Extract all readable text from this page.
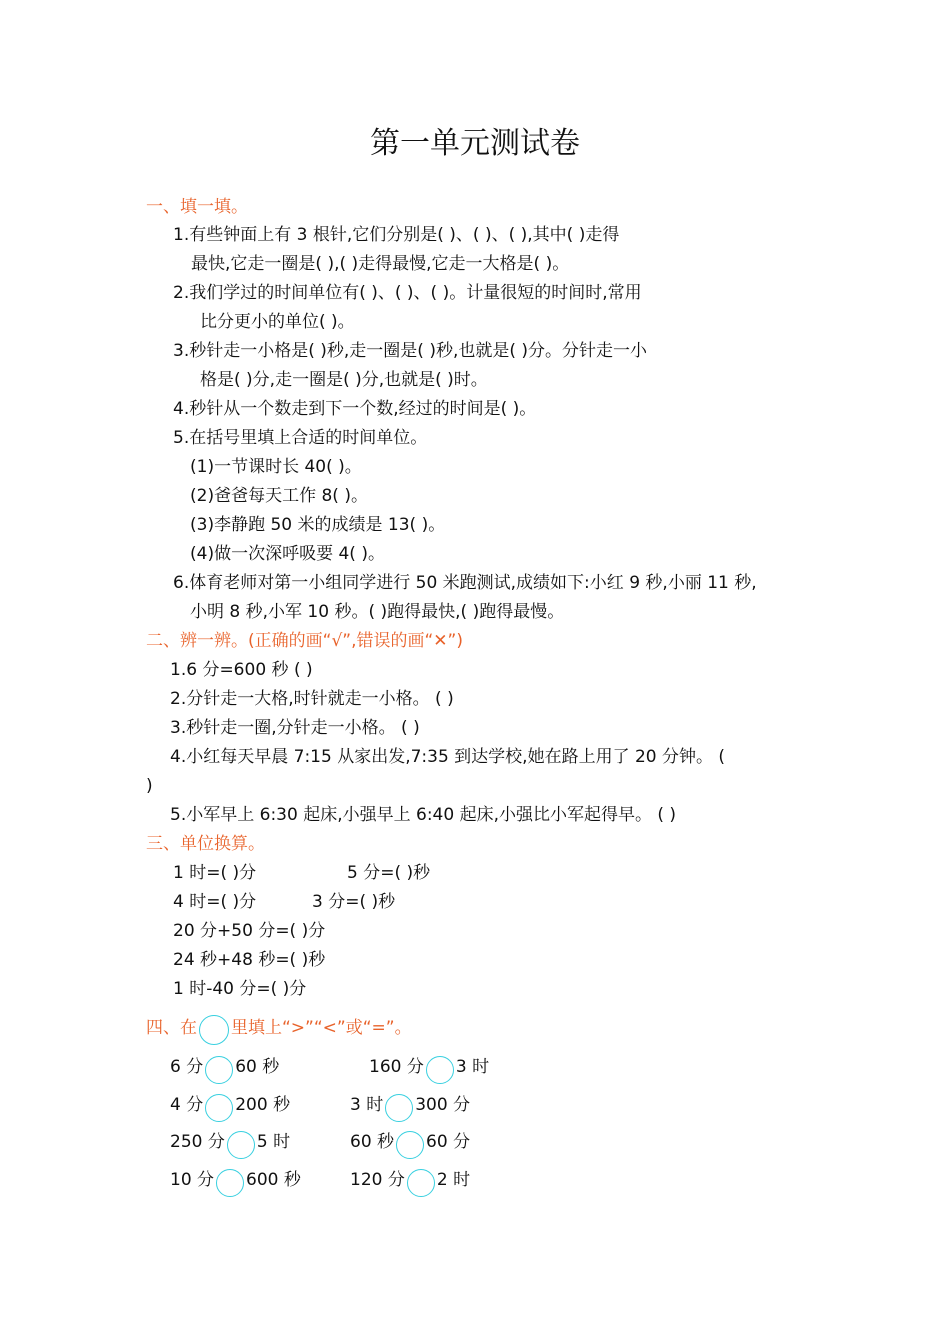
第一单元测试卷
一、填一填。
1.有些钟面上有 3 根针,它们分别是( )、( )、( ),其中( )走得
最快,它走一圈是( ),( )走得最慢,它走一大格是( )。
2.我们学过的时间单位有( )、( )、( )。计量很短的时间时,常用
比分更小的单位( )。
3.秒针走一小格是( )秒,走一圈是( )秒,也就是( )分。分针走一小
格是( )分,走一圈是( )分,也就是( )时。
4.秒针从一个数走到下一个数,经过的时间是( )。
5.在括号里填上合适的时间单位。
(1)一节课时长 40( )。
(2)爸爸每天工作 8( )。
(3)李静跑 50 米的成绩是 13( )。
(4)做一次深呼吸要 4( )。
6.体育老师对第一小组同学进行 50 米跑测试,成绩如下:小红 9 秒,小丽 11 秒,
小明 8 秒,小军 10 秒。( )跑得最快,( )跑得最慢。
二、辨一辨。(正确的画“√”,错误的画“✕”)
1.6 分=600 秒 ( )
2.分针走一大格,时针就走一小格。 ( )
3.秒针走一圈,分针走一小格。 ( )
4.小红每天早晨 7:15 从家出发,7:35 到达学校,她在路上用了 20 分钟。 (
)
5.小军早上 6:30 起床,小强早上 6:40 起床,小强比小军起得早。 ( )
三、单位换算。
1 时=( )分	5 分=( )秒
4 时=( )分	3 分=( )秒
20 分+50 分=( )分
24 秒+48 秒=( )秒
1 时-40 分=( )分
四、在 里填上“>”“<”或“=”。
6 分 60 秒	160 分 3 时
4 分 200 秒	3 时 300 分
250 分 5 时	60 秒 60 分
10 分 600 秒	120 分 2 时
